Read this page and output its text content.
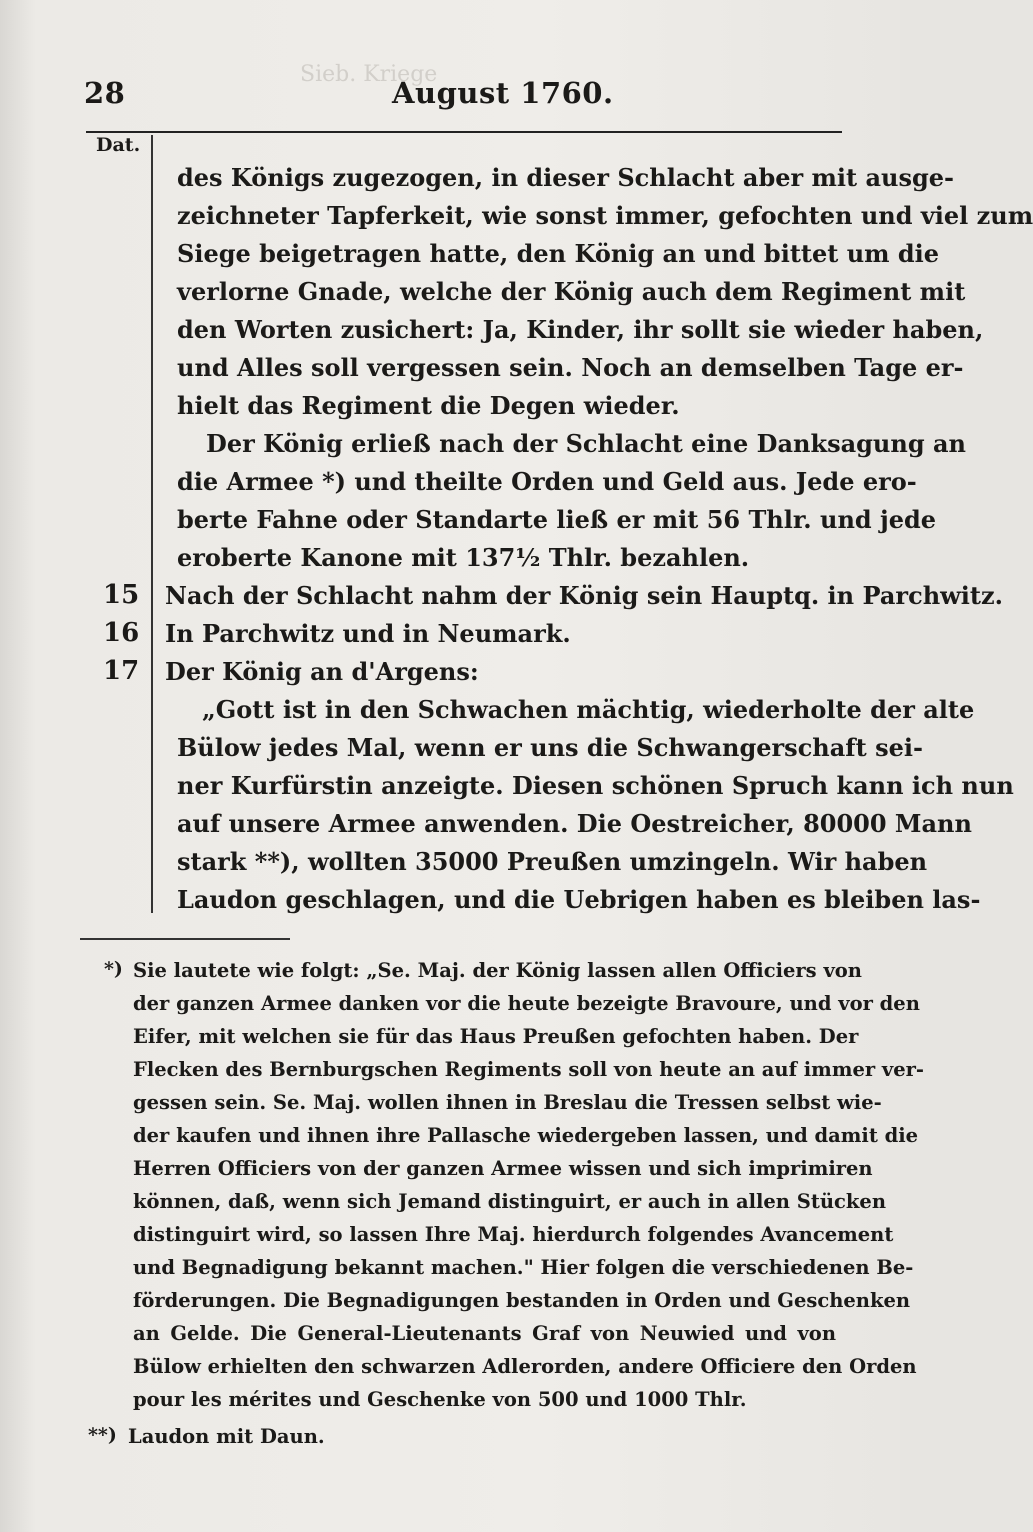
Sieb. Kriege
28	August 1760.
Dat.
des Königs zugezogen, in dieser Schlacht aber mit ausge-
zeichneter Tapferkeit, wie sonst immer, gefochten und viel zum
Siege beigetragen hatte, den König an und bittet um die
verlorne Gnade, welche der König auch dem Regiment mit
den Worten zusichert: Ja, Kinder, ihr sollt sie wieder haben,
und Alles soll vergessen sein. Noch an demselben Tage er-
hielt das Regiment die Degen wieder.
Der König erließ nach der Schlacht eine Danksagung an
die Armee *) und theilte Orden und Geld aus. Jede ero-
berte Fahne oder Standarte ließ er mit 56 Thlr. und jede
eroberte Kanone mit 137½ Thlr. bezahlen.
Nach der Schlacht nahm der König sein Hauptq. in Parchwitz.
In Parchwitz und in Neumark.
Der König an d'Argens:
„Gott ist in den Schwachen mächtig, wiederholte der alte
Bülow jedes Mal, wenn er uns die Schwangerschaft sei-
ner Kurfürstin anzeigte. Diesen schönen Spruch kann ich nun
auf unsere Armee anwenden. Die Oestreicher, 80000 Mann
stark **), wollten 35000 Preußen umzingeln. Wir haben
Laudon geschlagen, und die Uebrigen haben es bleiben las-
15
16
17
*) Sie lautete wie folgt: „Se. Maj. der König lassen allen Officiers von
der ganzen Armee danken vor die heute bezeigte Bravoure, und vor den
Eifer, mit welchen sie für das Haus Preußen gefochten haben. Der
Flecken des Bernburgschen Regiments soll von heute an auf immer ver-
gessen sein. Se. Maj. wollen ihnen in Breslau die Tressen selbst wie-
der kaufen und ihnen ihre Pallasche wiedergeben lassen, und damit die
Herren Officiers von der ganzen Armee wissen und sich imprimiren
können, daß, wenn sich Jemand distinguirt, er auch in allen Stücken
distinguirt wird, so lassen Ihre Maj. hierdurch folgendes Avancement
und Begnadigung bekannt machen." Hier folgen die verschiedenen Be-
förderungen. Die Begnadigungen bestanden in Orden und Geschenken
an Gelde. Die General-Lieutenants Graf von Neuwied und von
Bülow erhielten den schwarzen Adlerorden, andere Officiere den Orden
pour les mérites und Geschenke von 500 und 1000 Thlr.
**) Laudon mit Daun.
